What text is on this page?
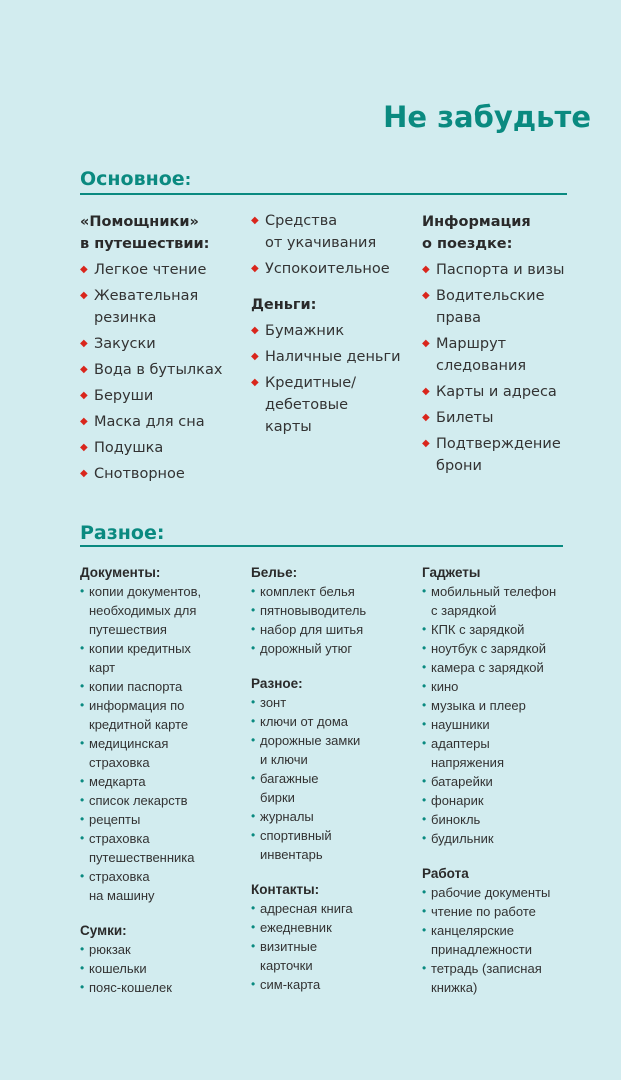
Не забудьте
Основное:
«Помощники»
в путешествии:
◆ Легкое чтение
◆ Жевательная
резинка
◆ Закуски
◆ Вода в бутылках
◆ Беруши
◆ Маска для сна
◆ Подушка
◆ Снотворное
◆ Средства
от укачивания
◆ Успокоительное
Деньги:
◆ Бумажник
◆ Наличные деньги
◆ Кредитные/
дебетовые
карты
Информация
о поездке:
◆ Паспорта и визы
◆ Водительские
права
◆ Маршрут
следования
◆ Карты и адреса
◆ Билеты
◆ Подтверждение
брони
Разное:
Документы:
• копии документов,
необходимых для
путешествия
• копии кредитных
карт
• копии паспорта
• информация по
кредитной карте
• медицинская
страховка
• медкарта
• список лекарств
• рецепты
• страховка
путешественника
• страховка
на машину
Сумки:
• рюкзак
• кошельки
• пояс-кошелек
Белье:
• комплект белья
• пятновыводитель
• набор для шитья
• дорожный утюг
Разное:
• зонт
• ключи от дома
• дорожные замки
и ключи
• багажные
бирки
• журналы
• спортивный
инвентарь
Контакты:
• адресная книга
• ежедневник
• визитные
карточки
• сим-карта
Гаджеты
• мобильный телефон
с зарядкой
• КПК с зарядкой
• ноутбук с зарядкой
• камера с зарядкой
• кино
• музыка и плеер
• наушники
• адаптеры
напряжения
• батарейки
• фонарик
• бинокль
• будильник
Работа
• рабочие документы
• чтение по работе
• канцелярские
принадлежности
• тетрадь (записная
книжка)
